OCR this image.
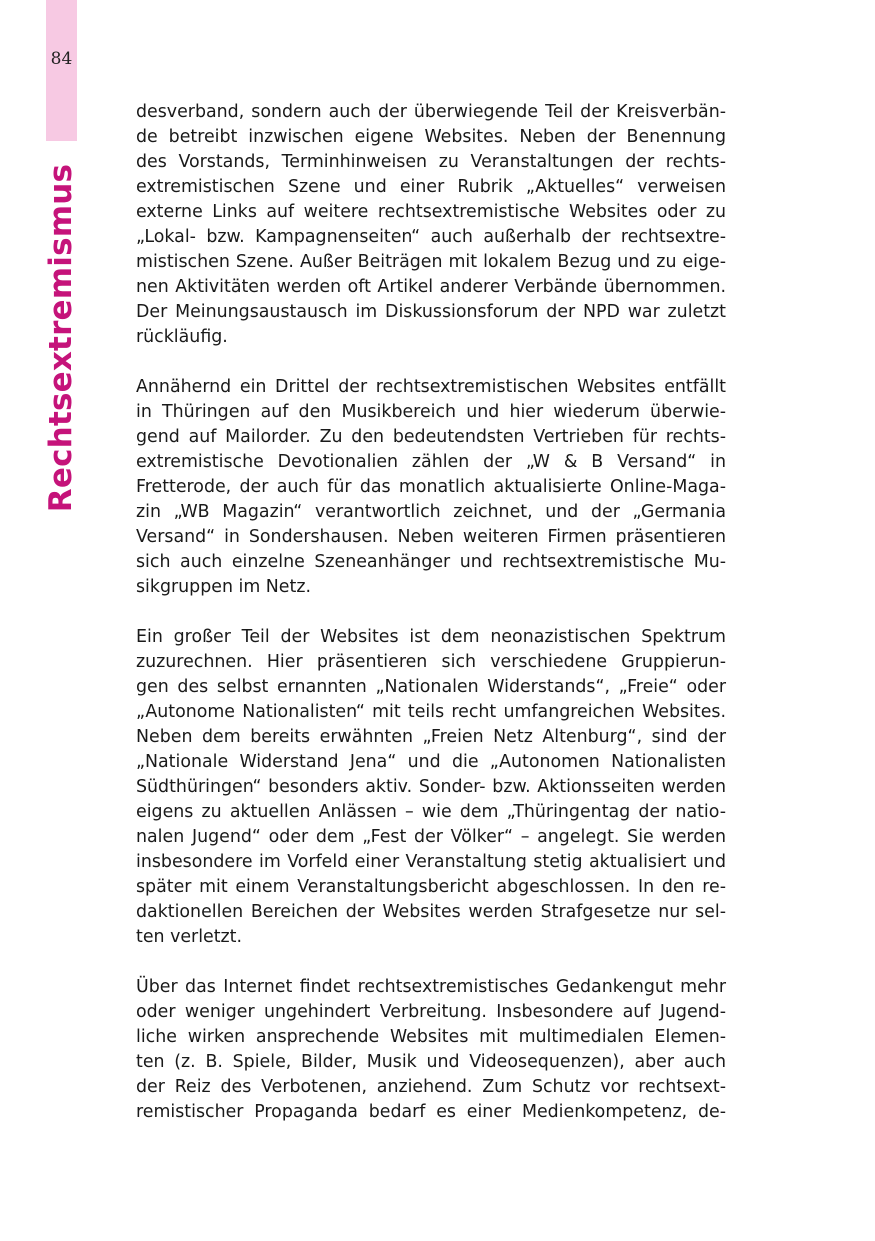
84
Rechtsextremismus

desverband, sondern auch der überwiegende Teil der Kreisverbän-
de betreibt inzwischen eigene Websites. Neben der Benennung
des Vorstands, Terminhinweisen zu Veranstaltungen der rechts-
extremistischen Szene und einer Rubrik „Aktuelles“ verweisen
externe Links auf weitere rechtsextremistische Websites oder zu
„Lokal- bzw. Kampagnenseiten“ auch außerhalb der rechtsextre-
mistischen Szene. Außer Beiträgen mit lokalem Bezug und zu eige-
nen Aktivitäten werden oft Artikel anderer Verbände übernommen.
Der Meinungsaustausch im Diskussionsforum der NPD war zuletzt
rückläufig.

Annähernd ein Drittel der rechtsextremistischen Websites entfällt
in Thüringen auf den Musikbereich und hier wiederum überwie-
gend auf Mailorder. Zu den bedeutendsten Vertrieben für rechts-
extremistische Devotionalien zählen der „W & B Versand“ in
Fretterode, der auch für das monatlich aktualisierte Online-Maga-
zin „WB Magazin“ verantwortlich zeichnet, und der „Germania
Versand“ in Sondershausen. Neben weiteren Firmen präsentieren
sich auch einzelne Szeneanhänger und rechtsextremistische Mu-
sikgruppen im Netz.

Ein großer Teil der Websites ist dem neonazistischen Spektrum
zuzurechnen. Hier präsentieren sich verschiedene Gruppierun-
gen des selbst ernannten „Nationalen Widerstands“, „Freie“ oder
„Autonome Nationalisten“ mit teils recht umfangreichen Websites.
Neben dem bereits erwähnten „Freien Netz Altenburg“, sind der
„Nationale Widerstand Jena“ und die „Autonomen Nationalisten
Südthüringen“ besonders aktiv. Sonder- bzw. Aktionsseiten werden
eigens zu aktuellen Anlässen – wie dem „Thüringentag der natio-
nalen Jugend“ oder dem „Fest der Völker“ – angelegt. Sie werden
insbesondere im Vorfeld einer Veranstaltung stetig aktualisiert und
später mit einem Veranstaltungsbericht abgeschlossen. In den re-
daktionellen Bereichen der Websites werden Strafgesetze nur sel-
ten verletzt.

Über das Internet findet rechtsextremistisches Gedankengut mehr
oder weniger ungehindert Verbreitung. Insbesondere auf Jugend-
liche wirken ansprechende Websites mit multimedialen Elemen-
ten (z. B. Spiele, Bilder, Musik und Videosequenzen), aber auch
der Reiz des Verbotenen, anziehend. Zum Schutz vor rechtsext-
remistischer Propaganda bedarf es einer Medienkompetenz, de-
